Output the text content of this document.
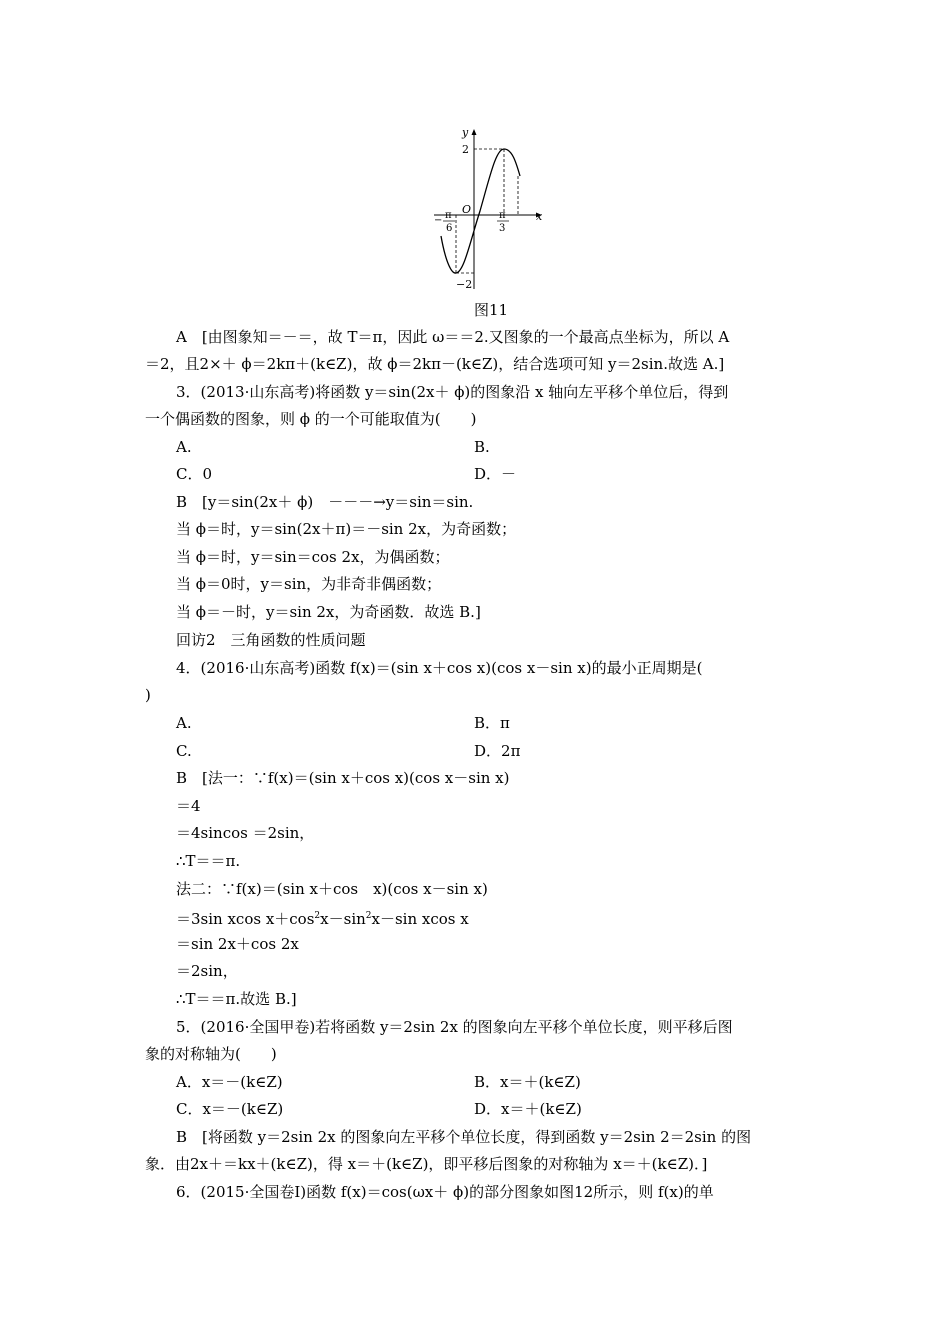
y
x
2
−2
O
− π
6
π
3
图11
A　[由图象知＝－＝，故 T＝π，因此 ω＝＝2.又图象的一个最高点坐标为，所以 A
＝2，且2×＋ ϕ＝2kπ＋(k∈Z)，故 ϕ＝2kπ－(k∈Z)，结合选项可知 y＝2sin.故选 A.]
3．(2013·山东高考)将函数 y＝sin(2x＋ ϕ)的图象沿 x 轴向左平移个单位后，得到
一个偶函数的图象，则 ϕ 的一个可能取值为(　　)
A.	B.
C．0	D．－
B　[y＝sin(2x＋ ϕ)　－－－→y＝sin＝sin.
当 ϕ＝时，y＝sin(2x＋π)＝－sin 2x，为奇函数；
当 ϕ＝时，y＝sin＝cos 2x，为偶函数；
当 ϕ＝0时，y＝sin，为非奇非偶函数；
当 ϕ＝－时，y＝sin 2x，为奇函数．故选 B.]
回访2　三角函数的性质问题
4．(2016·山东高考)函数 f(x)＝(sin x＋cos x)(cos x－sin x)的最小正周期是(
)
A.	B．π
C.	D．2π
B　[法一：∵f(x)＝(sin x＋cos x)(cos x－sin x)
＝4
＝4sincos ＝2sin，
∴T＝＝π.
法二：∵f(x)＝(sin x＋cos　x)(cos x－sin x)
＝3sin xcos $x+\cos^2x-\sin^2x-\sin$ xcos x
＝sin 2x＋cos 2x
＝2sin，
∴T＝＝π.故选 B.]
5．(2016·全国甲卷)若将函数 y＝2sin 2x 的图象向左平移个单位长度，则平移后图
象的对称轴为(　　)
A．x＝－(k∈Z)	B．x＝＋(k∈Z)
C．x＝－(k∈Z)	D．x＝＋(k∈Z)
B　[将函数 y＝2sin 2x 的图象向左平移个单位长度，得到函数 y＝2sin 2＝2sin 的图
象．由2x＋＝kx＋(k∈Z)，得 x＝＋(k∈Z)，即平移后图象的对称轴为 x＝＋(k∈Z)．]
6．(2015·全国卷Ⅰ)函数 f(x)＝cos(ωx＋ ϕ)的部分图象如图12所示，则 f(x)的单
